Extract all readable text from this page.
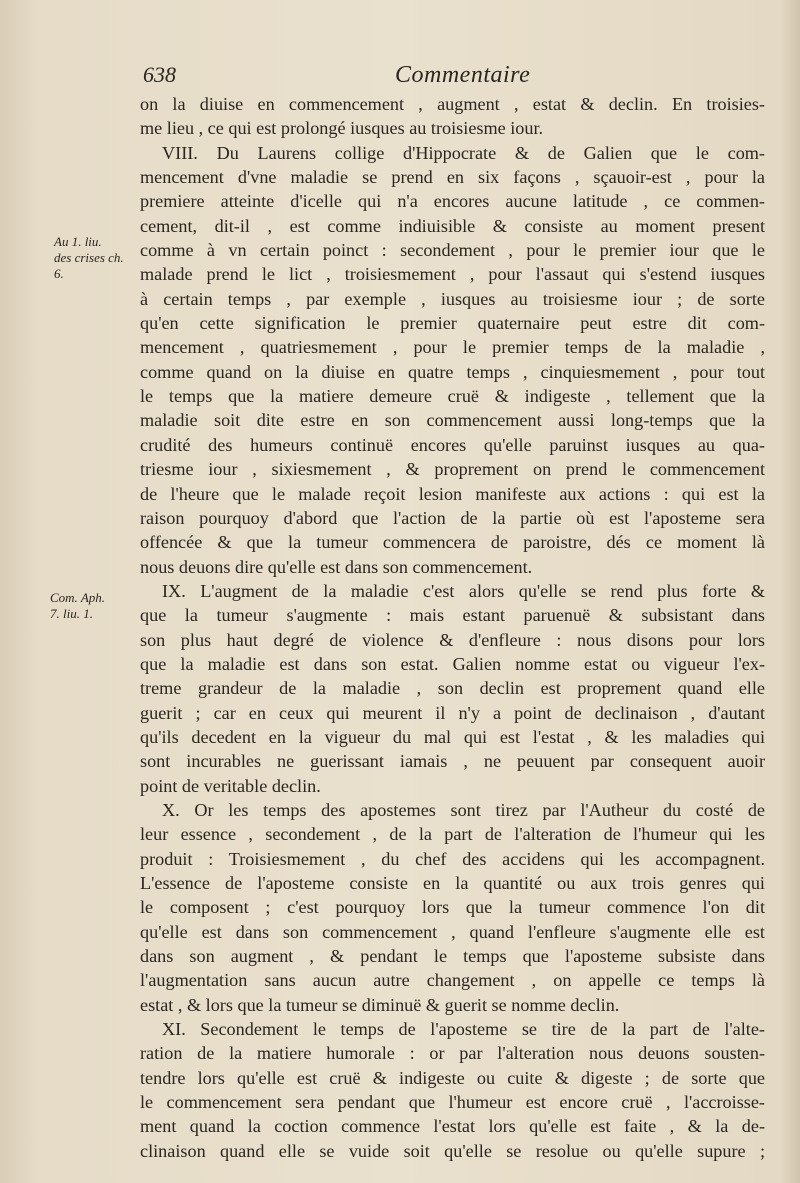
638	Commentaire
Au 1. liu.
des crises ch.
6.
Com. Aph.
7. liu. 1.
on la diuise en commencement , augment , estat & declin. En troisies-
me lieu , ce qui est prolongé iusques au troisiesme iour.
VIII. Du Laurens collige d'Hippocrate & de Galien que le com-
mencement d'vne maladie se prend en six façons , sçauoir-est , pour la
premiere atteinte d'icelle qui n'a encores aucune latitude , ce commen-
cement, dit-il , est comme indiuisible & consiste au moment present
comme à vn certain poinct : secondement , pour le premier iour que le
malade prend le lict , troisiesmement , pour l'assaut qui s'estend iusques
à certain temps , par exemple , iusques au troisiesme iour ; de sorte
qu'en cette signification le premier quaternaire peut estre dit com-
mencement , quatriesmement , pour le premier temps de la maladie ,
comme quand on la diuise en quatre temps , cinquiesmement , pour tout
le temps que la matiere demeure cruë & indigeste , tellement que la
maladie soit dite estre en son commencement aussi long-temps que la
crudité des humeurs continuë encores qu'elle paruinst iusques au qua-
triesme iour , sixiesmement , & proprement on prend le commencement
de l'heure que le malade reçoit lesion manifeste aux actions : qui est la
raison pourquoy d'abord que l'action de la partie où est l'aposteme sera
offencée & que la tumeur commencera de paroistre, dés ce moment là
nous deuons dire qu'elle est dans son commencement.
IX. L'augment de la maladie c'est alors qu'elle se rend plus forte &
que la tumeur s'augmente : mais estant paruenuë & subsistant dans
son plus haut degré de violence & d'enfleure : nous disons pour lors
que la maladie est dans son estat. Galien nomme estat ou vigueur l'ex-
treme grandeur de la maladie , son declin est proprement quand elle
guerit ; car en ceux qui meurent il n'y a point de declinaison , d'autant
qu'ils decedent en la vigueur du mal qui est l'estat , & les maladies qui
sont incurables ne guerissant iamais , ne peuuent par consequent auoir
point de veritable declin.
X. Or les temps des apostemes sont tirez par l'Autheur du costé de
leur essence , secondement , de la part de l'alteration de l'humeur qui les
produit : Troisiesmement , du chef des accidens qui les accompagnent.
L'essence de l'aposteme consiste en la quantité ou aux trois genres qui
le composent ; c'est pourquoy lors que la tumeur commence l'on dit
qu'elle est dans son commencement , quand l'enfleure s'augmente elle est
dans son augment , & pendant le temps que l'aposteme subsiste dans
l'augmentation sans aucun autre changement , on appelle ce temps là
estat , & lors que la tumeur se diminuë & guerit se nomme declin.
XI. Secondement le temps de l'aposteme se tire de la part de l'alte-
ration de la matiere humorale : or par l'alteration nous deuons sousten-
tendre lors qu'elle est cruë & indigeste ou cuite & digeste ; de sorte que
le commencement sera pendant que l'humeur est encore cruë , l'accroisse-
ment quand la coction commence l'estat lors qu'elle est faite , & la de-
clinaison quand elle se vuide soit qu'elle se resolue ou qu'elle supure ;
